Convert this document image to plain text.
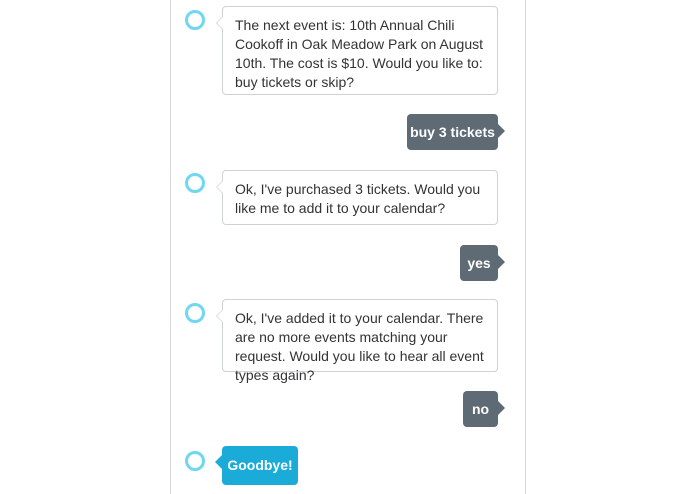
The next event is: 10th Annual Chili Cookoff in Oak Meadow Park on August 10th. The cost is $10. Would you like to: buy tickets or skip?
buy 3 tickets
Ok, I've purchased 3 tickets. Would you like me to add it to your calendar?
yes
Ok, I've added it to your calendar. There are no more events matching your request. Would you like to hear all event types again?
no
Goodbye!
